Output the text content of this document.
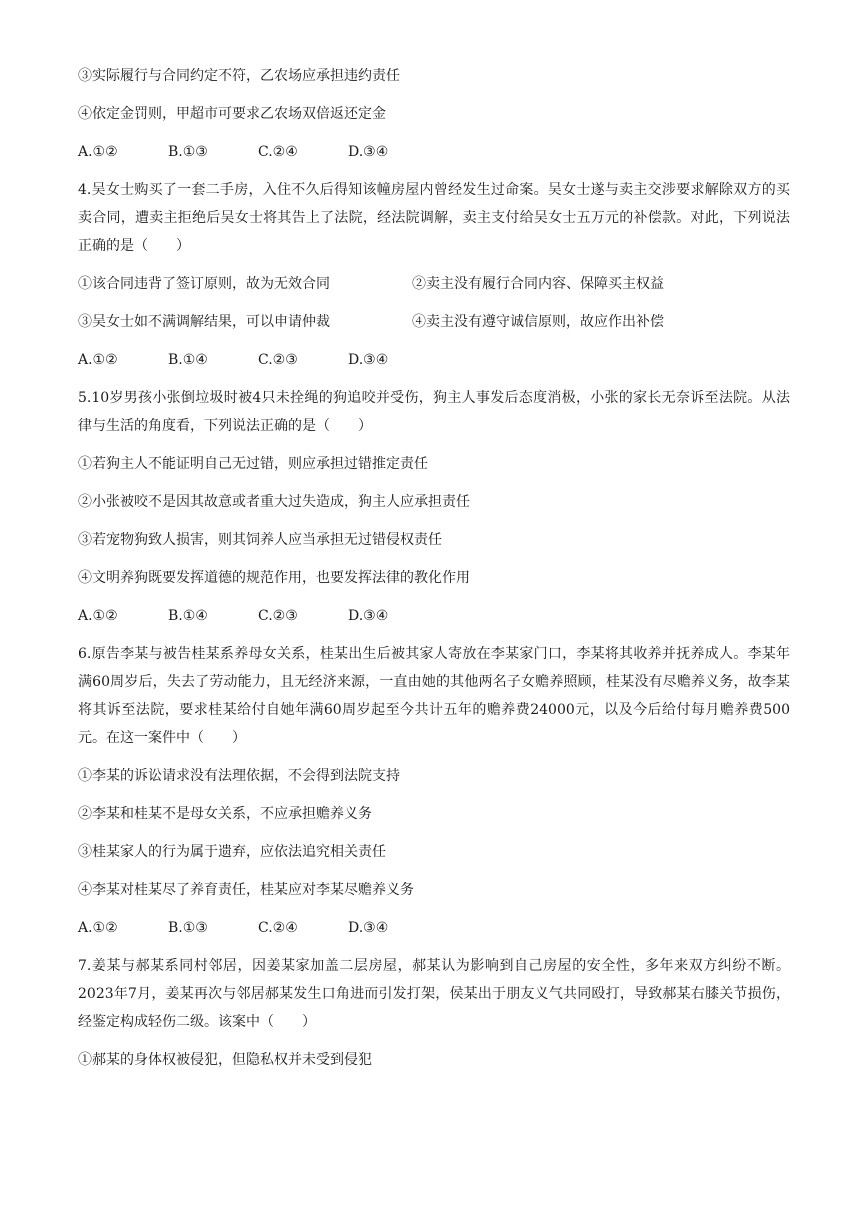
③实际履行与合同约定不符，乙农场应承担违约责任
④依定金罚则，甲超市可要求乙农场双倍返还定金
A.①②	B.①③	C.②④	D.③④
4.吴女士购买了一套二手房，入住不久后得知该幢房屋内曾经发生过命案。吴女士遂与卖主交涉要求解除双方的买卖合同，遭卖主拒绝后吴女士将其告上了法院，经法院调解，卖主支付给吴女士五万元的补偿款。对此，下列说法正确的是（　　）
①该合同违背了签订原则，故为无效合同	②卖主没有履行合同内容、保障买主权益
③吴女士如不满调解结果，可以申请仲裁	④卖主没有遵守诚信原则，故应作出补偿
A.①②	B.①④	C.②③	D.③④
5.10岁男孩小张倒垃圾时被4只未拴绳的狗追咬并受伤，狗主人事发后态度消极，小张的家长无奈诉至法院。从法律与生活的角度看，下列说法正确的是（　　）
①若狗主人不能证明自己无过错，则应承担过错推定责任
②小张被咬不是因其故意或者重大过失造成，狗主人应承担责任
③若宠物狗致人损害，则其饲养人应当承担无过错侵权责任
④文明养狗既要发挥道德的规范作用，也要发挥法律的教化作用
A.①②	B.①④	C.②③	D.③④
6.原告李某与被告桂某系养母女关系，桂某出生后被其家人寄放在李某家门口，李某将其收养并抚养成人。李某年满60周岁后，失去了劳动能力，且无经济来源，一直由她的其他两名子女赡养照顾，桂某没有尽赡养义务，故李某将其诉至法院，要求桂某给付自她年满60周岁起至今共计五年的赡养费24000元，以及今后给付每月赡养费500元。在这一案件中（　　）
①李某的诉讼请求没有法理依据，不会得到法院支持
②李某和桂某不是母女关系，不应承担赡养义务
③桂某家人的行为属于遗弃，应依法追究相关责任
④李某对桂某尽了养育责任，桂某应对李某尽赡养义务
A.①②	B.①③	C.②④	D.③④
7.姜某与郝某系同村邻居，因姜某家加盖二层房屋，郝某认为影响到自己房屋的安全性，多年来双方纠纷不断。2023年7月，姜某再次与邻居郝某发生口角进而引发打架，侯某出于朋友义气共同殴打，导致郝某右膝关节损伤，经鉴定构成轻伤二级。该案中（　　）
①郝某的身体权被侵犯，但隐私权并未受到侵犯
